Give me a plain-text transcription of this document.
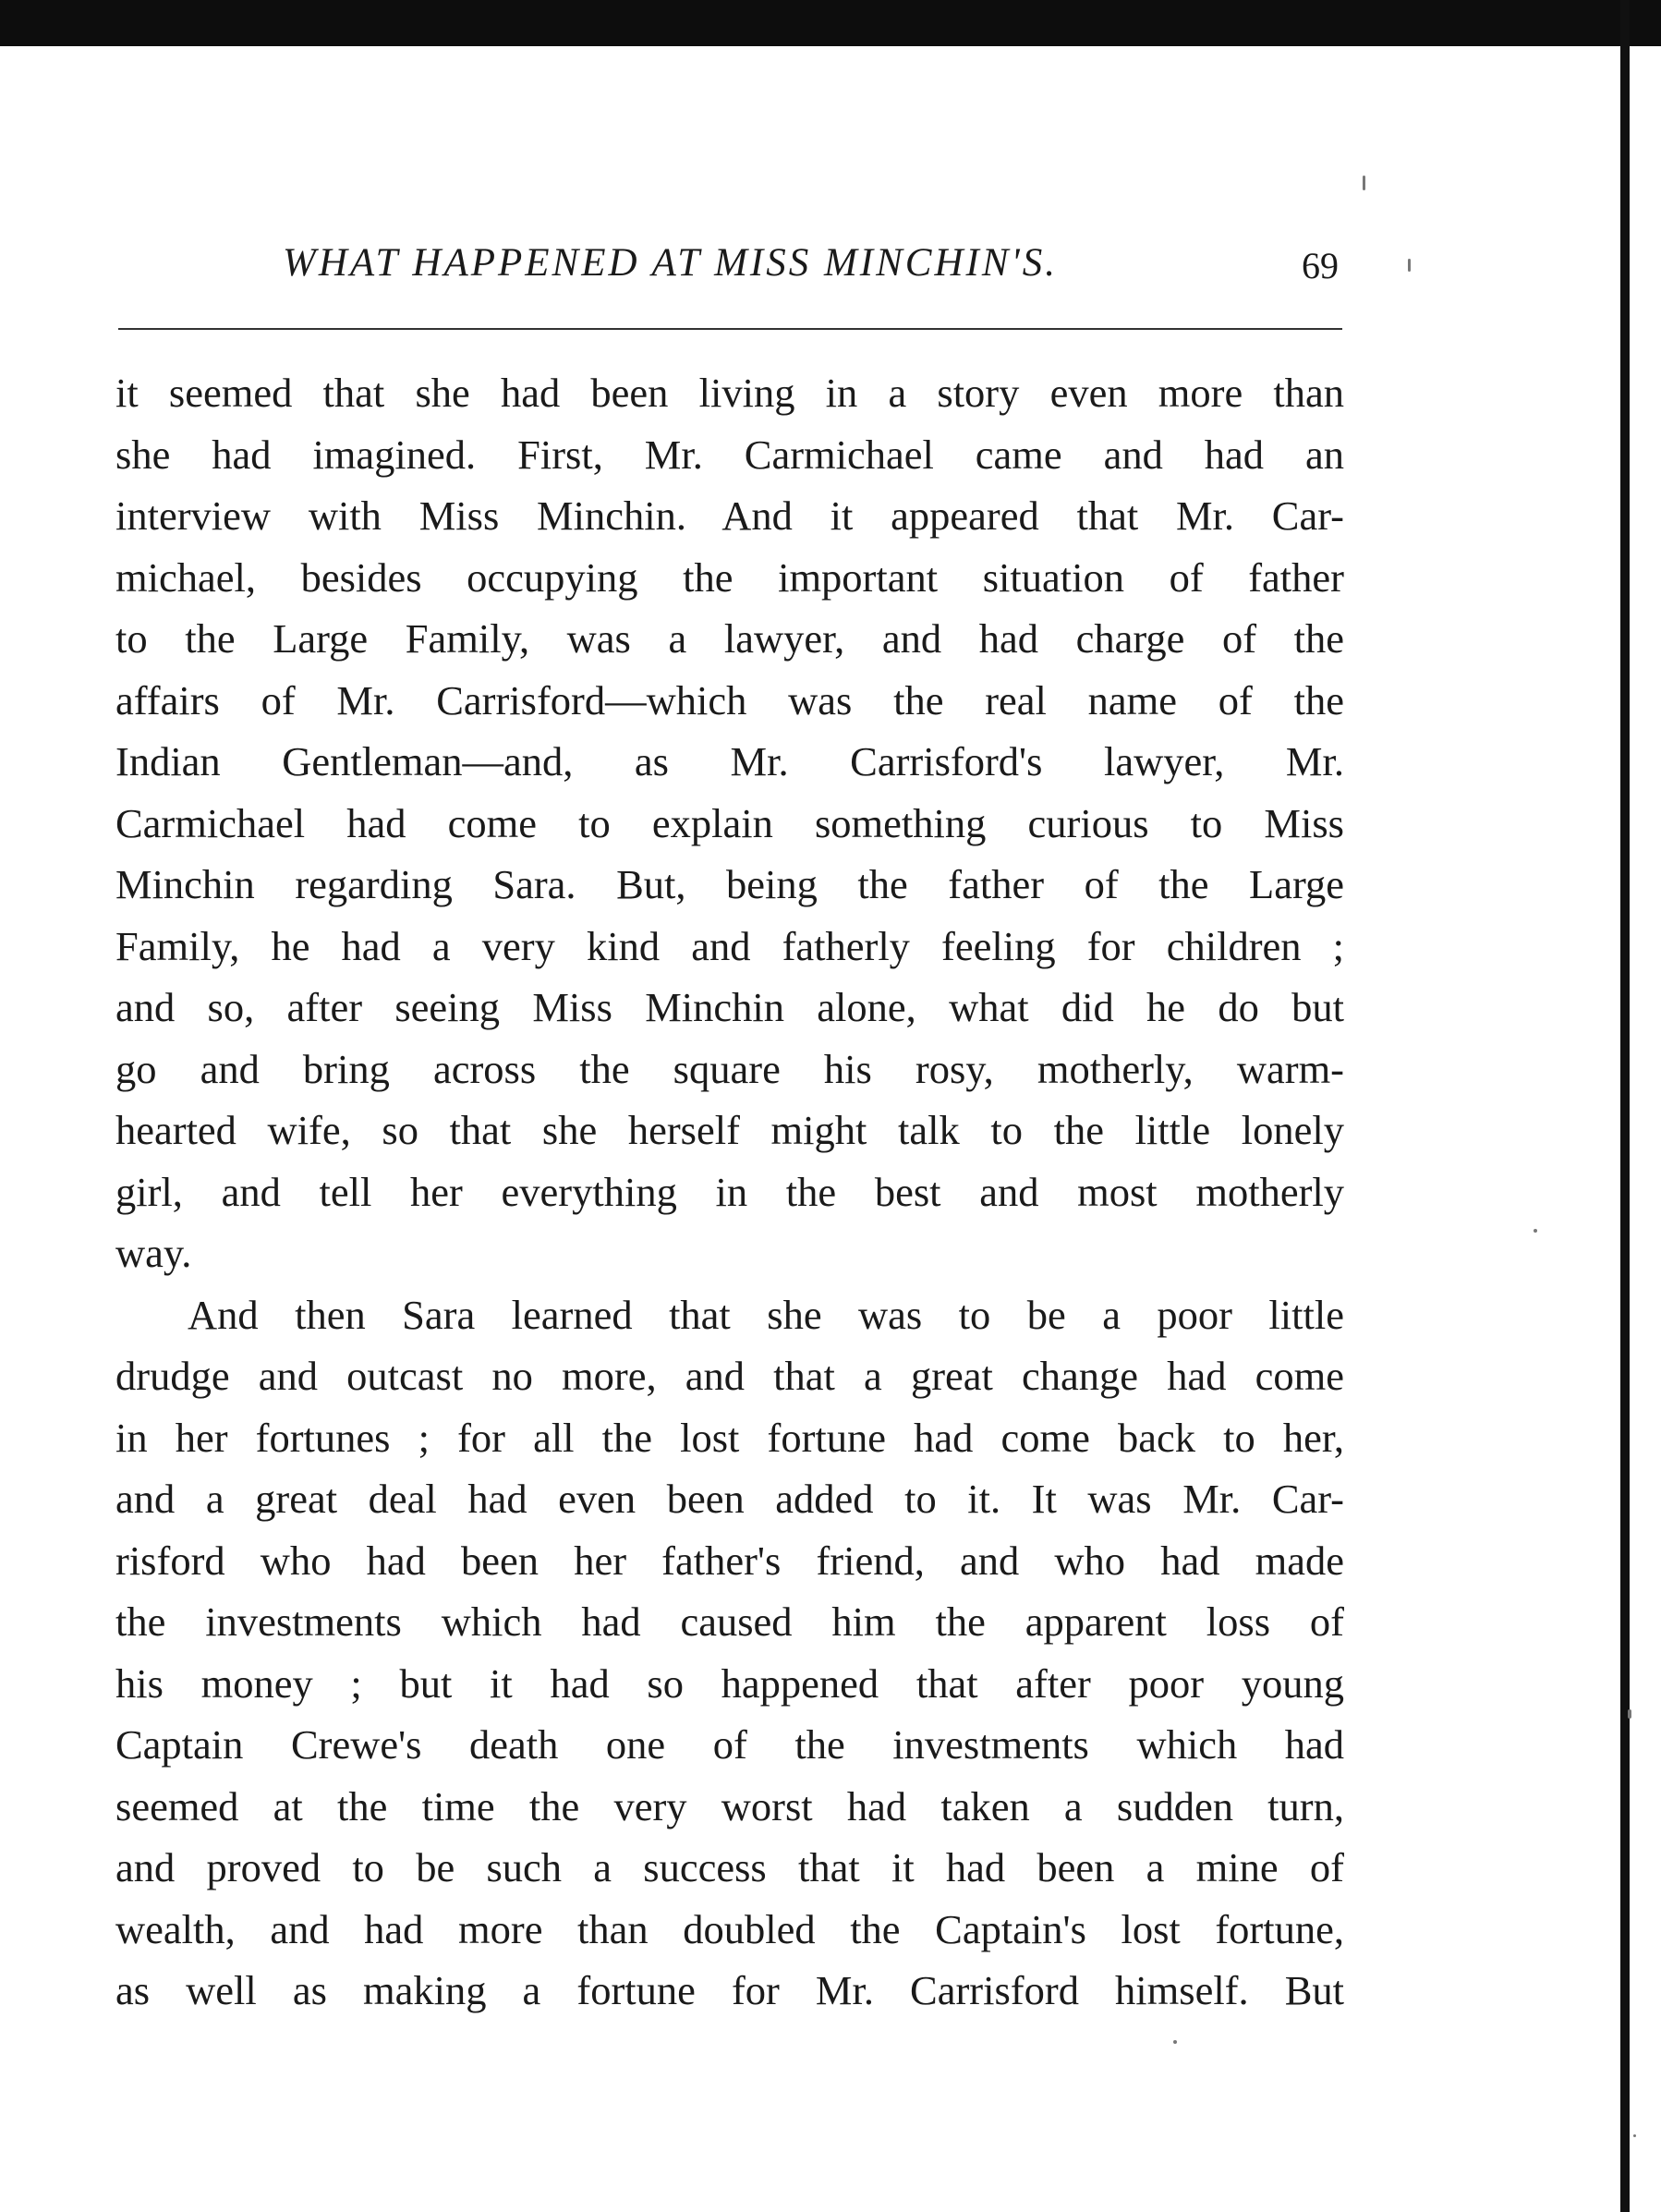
WHAT HAPPENED AT MISS MINCHIN'S.	69
it seemed that she had been living in a story even more than
she had imagined. First, Mr. Carmichael came and had an
interview with Miss Minchin. And it appeared that Mr. Car-
michael, besides occupying the important situation of father
to the Large Family, was a lawyer, and had charge of the
affairs of Mr. Carrisford—which was the real name of the
Indian Gentleman—and, as Mr. Carrisford's lawyer, Mr.
Carmichael had come to explain something curious to Miss
Minchin regarding Sara. But, being the father of the Large
Family, he had a very kind and fatherly feeling for children ;
and so, after seeing Miss Minchin alone, what did he do but
go and bring across the square his rosy, motherly, warm-
hearted wife, so that she herself might talk to the little lonely
girl, and tell her everything in the best and most motherly
way.
And then Sara learned that she was to be a poor little
drudge and outcast no more, and that a great change had come
in her fortunes ; for all the lost fortune had come back to her,
and a great deal had even been added to it. It was Mr. Car-
risford who had been her father's friend, and who had made
the investments which had caused him the apparent loss of
his money ; but it had so happened that after poor young
Captain Crewe's death one of the investments which had
seemed at the time the very worst had taken a sudden turn,
and proved to be such a success that it had been a mine of
wealth, and had more than doubled the Captain's lost fortune,
as well as making a fortune for Mr. Carrisford himself. But
